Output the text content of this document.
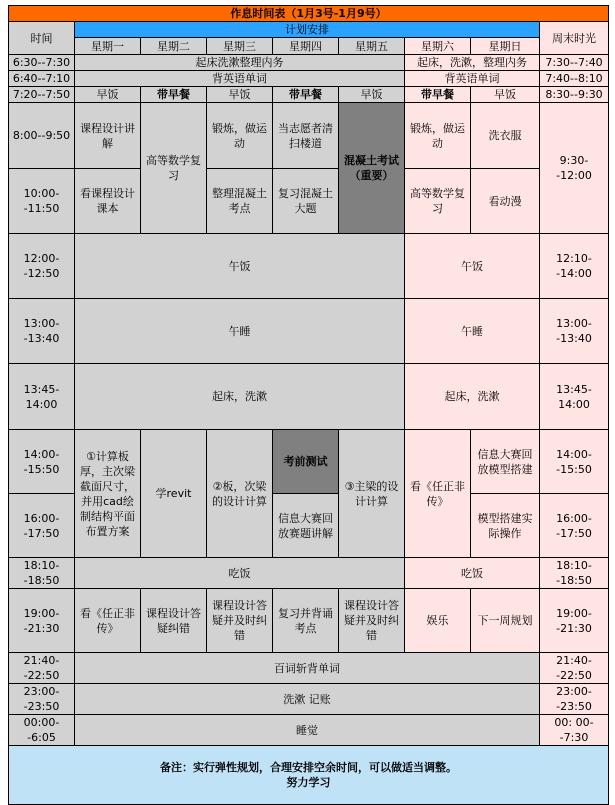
作息时间表（1月3号-1月9号）								
时间	计划安排							周末时光
	星期一	星期二	星期三	星期四	星期五	星期六	星期日	
6:30--7:30	起床洗漱整理内务					起床，洗漱，整理内务		7:30--7:40
6:40--7:10	背英语单词					背英语单词		7:40--8:10
7:20--7:50	早饭	带早餐	早饭	带早餐	早饭	带早餐	早饭	8:30--9:30
8:00--9:50	课程设计讲解	高等数学复习	锻炼，做运动	当志愿者清扫楼道	混凝土考试（重要）	锻炼，做运动	洗衣服	9:30--12:00
10:00--11:50	看课程设计课本		整理混凝土考点	复习混凝土大题		高等数学复习	看动漫	
12:00--12:50	午饭					午饭		12:10--14:00
13:00--13:40	午睡					午睡		13:00--13:40
13:45-14:00	起床，洗漱					起床，洗漱		13:45-14:00
14:00--15:50	①计算板厚，主次梁截面尺寸，并用cad绘制结构平面布置方案	学revit	②板，次梁的设计计算	考前测试	③主梁的设计计算	看《任正非传》	信息大赛回放模型搭建	14:00--15:50
16:00--17:50				信息大赛回放赛题讲解			模型搭建实际操作	16:00--17:50
18:10--18:50	吃饭					吃饭		18:10--18:50
19:00--21:30	看《任正非传》	课程设计答疑纠错	课程设计答疑并及时纠错	复习并背诵考点	课程设计答疑并及时纠错	娱乐	下一周规划	19:00--21:30
21:40--22:50	百词斩背单词							21:40--22:50
23:00--23:50	洗漱 记账							23:00--23:50
00:00--6:05	睡觉							00: 00--7:30

备注：实行弹性规划，合理安排空余时间，可以做适当调整。
努力学习								
